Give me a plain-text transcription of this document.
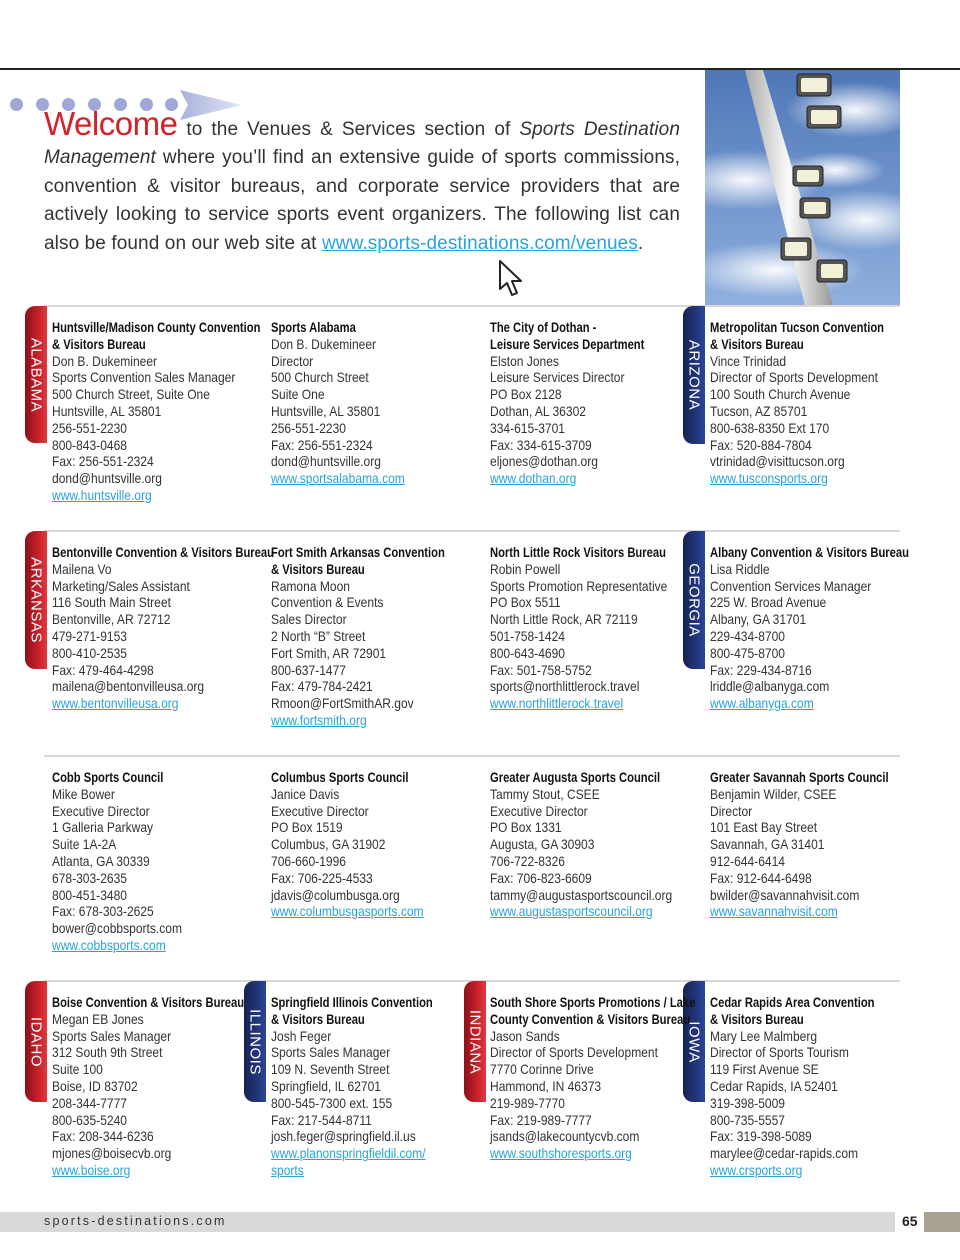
Welcome to the Venues & Services section of Sports Destination Management where you’ll find an extensive guide of sports commissions, convention & visitor bureaus, and corporate service providers that are actively looking to service sports event organizers. The following list can also be found on our web site at www.sports-destinations.com/venues.
ALABAMA	ARIZONA
ARKANSAS	GEORGIA
IDAHO	ILLINOIS	INDIANA	IOWA
Huntsville/Madison County Convention
& Visitors Bureau
Don B. Dukemineer
Sports Convention Sales Manager
500 Church Street, Suite One
Huntsville, AL 35801
256-551-2230
800-843-0468
Fax: 256-551-2324
dond@huntsville.org
www.huntsville.org
Sports Alabama
Don B. Dukemineer
Director
500 Church Street
Suite One
Huntsville, AL 35801
256-551-2230
Fax: 256-551-2324
dond@huntsville.org
www.sportsalabama.com
The City of Dothan -
Leisure Services Department
Elston Jones
Leisure Services Director
PO Box 2128
Dothan, AL 36302
334-615-3701
Fax: 334-615-3709
eljones@dothan.org
www.dothan.org
Metropolitan Tucson Convention
& Visitors Bureau
Vince Trinidad
Director of Sports Development
100 South Church Avenue
Tucson, AZ 85701
800-638-8350 Ext 170
Fax: 520-884-7804
vtrinidad@visittucson.org
www.tusconsports.org
Bentonville Convention & Visitors Bureau
Mailena Vo
Marketing/Sales Assistant
116 South Main Street
Bentonville, AR 72712
479-271-9153
800-410-2535
Fax: 479-464-4298
mailena@bentonvilleusa.org
www.bentonvilleusa.org
Fort Smith Arkansas Convention
& Visitors Bureau
Ramona Moon
Convention & Events
Sales Director
2 North “B” Street
Fort Smith, AR 72901
800-637-1477
Fax: 479-784-2421
Rmoon@FortSmithAR.gov
www.fortsmith.org
North Little Rock Visitors Bureau
Robin Powell
Sports Promotion Representative
PO Box 5511
North Little Rock, AR 72119
501-758-1424
800-643-4690
Fax: 501-758-5752
sports@northlittlerock.travel
www.northlittlerock.travel
Albany Convention & Visitors Bureau
Lisa Riddle
Convention Services Manager
225 W. Broad Avenue
Albany, GA 31701
229-434-8700
800-475-8700
Fax: 229-434-8716
lriddle@albanyga.com
www.albanyga.com
Cobb Sports Council
Mike Bower
Executive Director
1 Galleria Parkway
Suite 1A-2A
Atlanta, GA 30339
678-303-2635
800-451-3480
Fax: 678-303-2625
bower@cobbsports.com
www.cobbsports.com
Columbus Sports Council
Janice Davis
Executive Director
PO Box 1519
Columbus, GA 31902
706-660-1996
Fax: 706-225-4533
jdavis@columbusga.org
www.columbusgasports.com
Greater Augusta Sports Council
Tammy Stout, CSEE
Executive Director
PO Box 1331
Augusta, GA 30903
706-722-8326
Fax: 706-823-6609
tammy@augustasportscouncil.org
www.augustasportscouncil.org
Greater Savannah Sports Council
Benjamin Wilder, CSEE
Director
101 East Bay Street
Savannah, GA 31401
912-644-6414
Fax: 912-644-6498
bwilder@savannahvisit.com
www.savannahvisit.com
Boise Convention & Visitors Bureau
Megan EB Jones
Sports Sales Manager
312 South 9th Street
Suite 100
Boise, ID 83702
208-344-7777
800-635-5240
Fax: 208-344-6236
mjones@boisecvb.org
www.boise.org
Springfield Illinois Convention
& Visitors Bureau
Josh Feger
Sports Sales Manager
109 N. Seventh Street
Springfield, IL 62701
800-545-7300 ext. 155
Fax: 217-544-8711
josh.feger@springfield.il.us
www.planonspringfieldil.com/
sports
South Shore Sports Promotions / Lake
County Convention & Visitors Bureau
Jason Sands
Director of Sports Development
7770 Corinne Drive
Hammond, IN 46373
219-989-7770
Fax: 219-989-7777
jsands@lakecountycvb.com
www.southshoresports.org
Cedar Rapids Area Convention
& Visitors Bureau
Mary Lee Malmberg
Director of Sports Tourism
119 First Avenue SE
Cedar Rapids, IA 52401
319-398-5009
800-735-5557
Fax: 319-398-5089
marylee@cedar-rapids.com
www.crsports.org
sports-destinations.com	65
